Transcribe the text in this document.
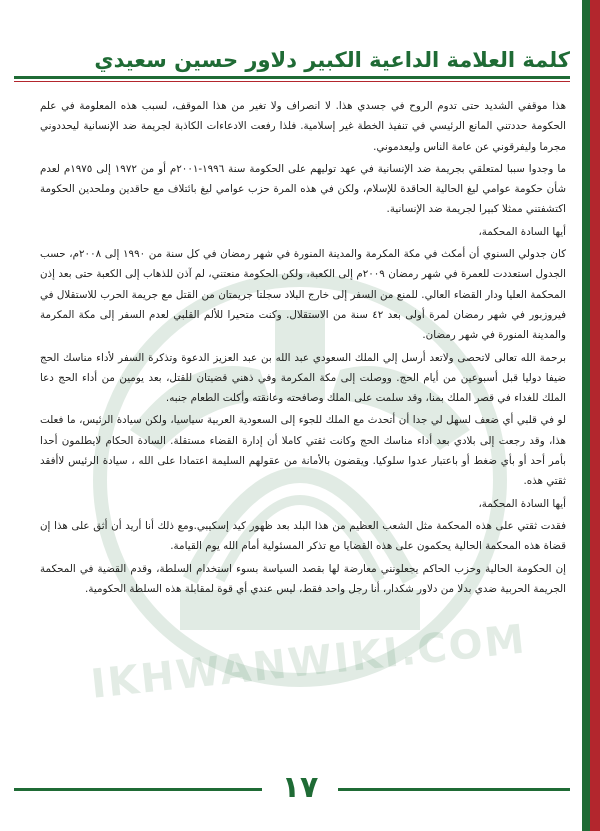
IKHWANWIKI.COM
كلمة العلامة الداعية الكبير دلاور حسين سعيدي

هذا موقفي الشديد حتى تدوم الروح في جسدي هذا. لا انصراف ولا تغير من هذا الموقف، لسبب هذه المعلومة في علم الحكومة حددتني المانع الرئيسي في تنفيذ الخطة غير إسلامية. فلذا رفعت الادعاءات الكاذبة لجريمة ضد الإنسانية ليحددوني مجرما وليفرقوني عن عامة الناس وليعدموني.

ما وجدوا سببا لمتعلقي بجريمة ضد الإنسانية في عهد توليهم على الحكومة سنة ١٩٩٦-٢٠٠١م أو من ١٩٧٢ إلى ١٩٧٥م لعدم شأن حكومة عوامي ليغ الحالية الحاقدة للإسلام، ولكن في هذه المرة حزب عوامي ليغ بائتلاف مع حاقدين وملحدين الحكومة اكتشفتني ممثلا كبيرا لجريمة ضد الإنسانية.

أيها السادة المحكمة،

كان جدولي السنوي أن أمكث في مكة المكرمة والمدينة المنورة في شهر رمضان في كل سنة من ١٩٩٠ إلى ٢٠٠٨م، حسب الجدول استعددت للعمرة في شهر رمضان ٢٠٠٩م إلى الكعبة، ولكن الحكومة منعتني، لم آذن للذهاب إلى الكعبة حتى بعد إذن المحكمة العليا ودار القضاء العالي. للمنع من السفر إلى خارج البلاد سجلتا جريمتان من القتل مع جريمة الحرب للاستقلال في فيروزبور في شهر رمضان لمرة أولى بعد ٤٢ سنة من الاستقلال. وكنت متحيرا للألم القلبي لعدم السفر إلى مكة المكرمة والمدينة المنورة في شهر رمضان.

برحمة الله تعالى لاتحصى ولاتعد أرسل إلي الملك السعودي عبد الله بن عبد العزيز الدعوة وتذكرة السفر لأداء مناسك الحج ضيفا دوليا قبل أسبوعين من أيام الحج. ووصلت إلى مكة المكرمة وفي ذهني قضيتان للقتل، بعد يومين من أداء الحج دعا الملك للغداء في قصر الملك بمنا، وقد سلمت على الملك وصافحته وعانقته وأكلت الطعام جنبه.

لو في قلبي أي ضعف لسهل لي جدا أن أتحدث مع الملك للجوء إلى السعودية العربية سياسيا، ولكن سيادة الرئيس، ما فعلت هذا، وقد رجعت إلى بلادي بعد أداء مناسك الحج وكانت ثقتي كاملا أن إدارة القضاء مستقلة. السادة الحكام لايطلمون أحدا بأمر أحد أو بأي ضغط أو باعتبار عدوا سلوكيا. ويقضون بالأمانة من عقولهم السليمة اعتمادا على الله ، سيادة الرئيس لاأفقد ثقتي هذه.

أيها السادة المحكمة،

فقدت ثقتي على هذه المحكمة مثل الشعب العظيم من هذا البلد بعد ظهور كيد إسكيبي.ومع ذلك أنا أريد أن أثق على هذا إن قضاة هذه المحكمة الحالية يحكمون على هذه القضايا مع تذكر المسئولية أمام الله يوم القيامة.

إن الحكومة الحالية وحزب الحاكم يجعلونني معارضة لها بقصد السياسة بسوء استخدام السلطة، وقدم القضية في المحكمة الجريمة الحربية ضدي بدلا من دلاور شكدار، أنا رجل واحد فقط، ليس عندي أي قوة لمقابلة هذه السلطة الحكومية.

١٧
